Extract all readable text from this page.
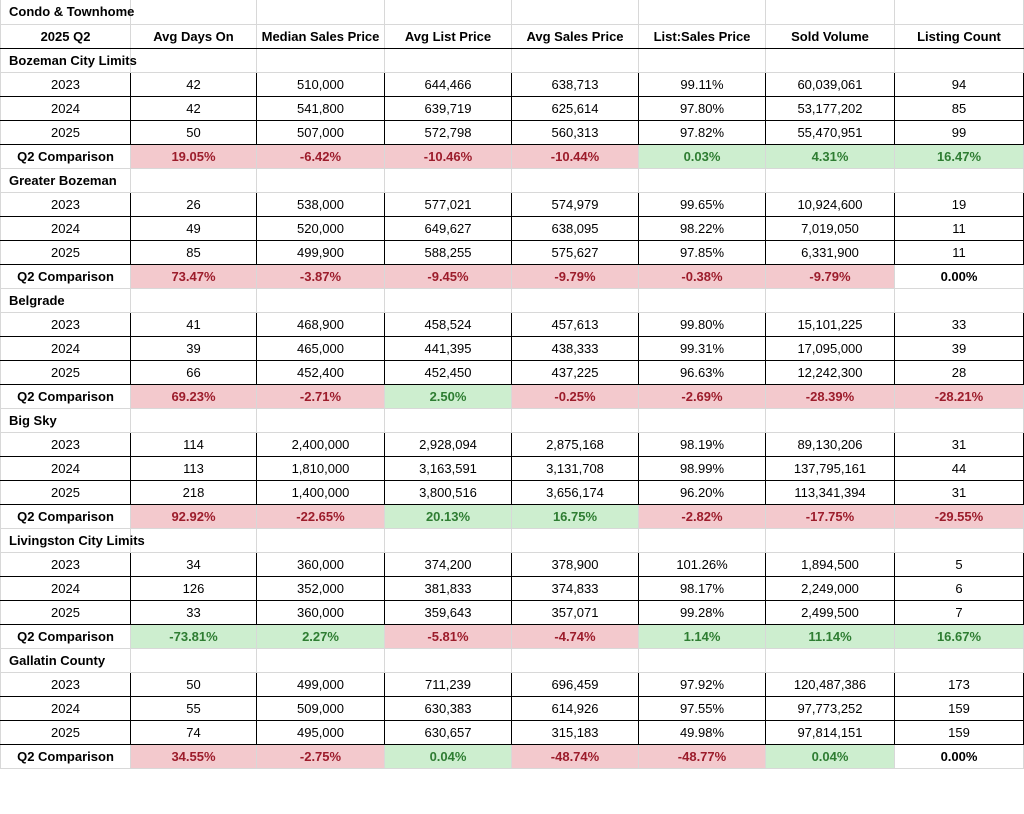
Condo & Townhome							
2025 Q2	Avg Days On	Median Sales Price	Avg List Price	Avg Sales Price	List:Sales Price	Sold Volume	Listing Count
Bozeman City Limits							
2023	42	510,000	644,466	638,713	99.11%	60,039,061	94
2024	42	541,800	639,719	625,614	97.80%	53,177,202	85
2025	50	507,000	572,798	560,313	97.82%	55,470,951	99
Q2 Comparison	19.05%	-6.42%	-10.46%	-10.44%	0.03%	4.31%	16.47%
Greater Bozeman							
2023	26	538,000	577,021	574,979	99.65%	10,924,600	19
2024	49	520,000	649,627	638,095	98.22%	7,019,050	11
2025	85	499,900	588,255	575,627	97.85%	6,331,900	11
Q2 Comparison	73.47%	-3.87%	-9.45%	-9.79%	-0.38%	-9.79%	0.00%
Belgrade							
2023	41	468,900	458,524	457,613	99.80%	15,101,225	33
2024	39	465,000	441,395	438,333	99.31%	17,095,000	39
2025	66	452,400	452,450	437,225	96.63%	12,242,300	28
Q2 Comparison	69.23%	-2.71%	2.50%	-0.25%	-2.69%	-28.39%	-28.21%
Big Sky							
2023	114	2,400,000	2,928,094	2,875,168	98.19%	89,130,206	31
2024	113	1,810,000	3,163,591	3,131,708	98.99%	137,795,161	44
2025	218	1,400,000	3,800,516	3,656,174	96.20%	113,341,394	31
Q2 Comparison	92.92%	-22.65%	20.13%	16.75%	-2.82%	-17.75%	-29.55%
Livingston City Limits							
2023	34	360,000	374,200	378,900	101.26%	1,894,500	5
2024	126	352,000	381,833	374,833	98.17%	2,249,000	6
2025	33	360,000	359,643	357,071	99.28%	2,499,500	7
Q2 Comparison	-73.81%	2.27%	-5.81%	-4.74%	1.14%	11.14%	16.67%
Gallatin County							
2023	50	499,000	711,239	696,459	97.92%	120,487,386	173
2024	55	509,000	630,383	614,926	97.55%	97,773,252	159
2025	74	495,000	630,657	315,183	49.98%	97,814,151	159
Q2 Comparison	34.55%	-2.75%	0.04%	-48.74%	-48.77%	0.04%	0.00%
